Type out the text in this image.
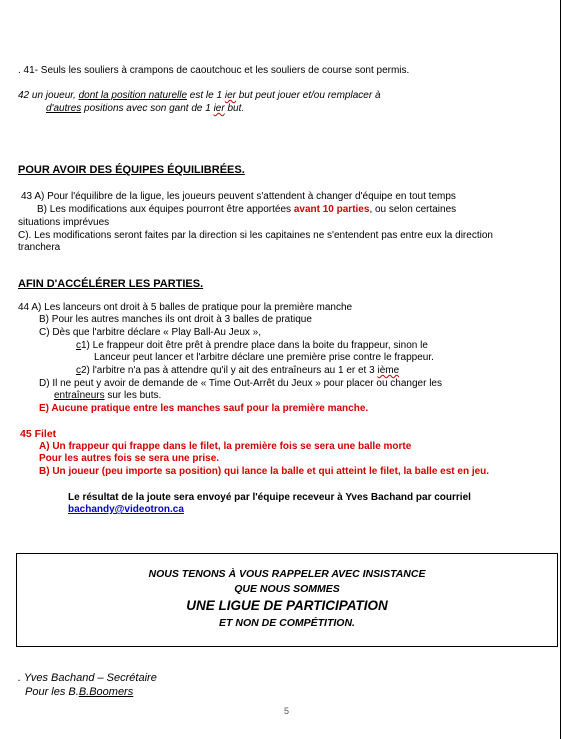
. 41- Seuls les souliers à crampons de caoutchouc et les souliers de course sont permis.
42 un joueur, dont la position naturelle est le 1 ier but peut jouer et/ou remplacer à
d'autres positions avec son gant de 1 ier but.
POUR AVOIR DES ÉQUIPES ÉQUILIBRÉES.
43 A) Pour l'équilibre de la ligue, les joueurs peuvent s'attendent à changer d'équipe en tout temps
B) Les modifications aux équipes pourront être apportées avant 10 parties, ou selon certaines
situations imprévues
C). Les modifications seront faites par la direction si les capitaines ne s'entendent pas entre eux la direction
tranchera
AFIN D'ACCÉLÉRER LES PARTIES.
44 A) Les lanceurs ont droit à 5 balles de pratique pour la première manche
B) Pour les autres manches ils ont droit à 3 balles de pratique
C) Dès que l'arbitre déclare « Play Ball-Au Jeux »,
c1) Le frappeur doit être prêt à prendre place dans la boite du frappeur, sinon le
Lanceur peut lancer et l'arbitre déclare une première prise contre le frappeur.
c2) l'arbitre n'a pas à attendre qu'il y ait des entraîneurs au 1 er et 3 ième
D) Il ne peut y avoir de demande de « Time Out-Arrêt du Jeux » pour placer ou changer les
entraîneurs sur les buts.
E) Aucune pratique entre les manches sauf pour la première manche.
45 Filet
A) Un frappeur qui frappe dans le filet, la première fois se sera une balle morte
Pour les autres fois se sera une prise.
B) Un joueur (peu importe sa position) qui lance la balle et qui atteint le filet, la balle est en jeu.
Le résultat de la joute sera envoyé par l'équipe receveur à Yves Bachand par courriel
bachandy@videotron.ca
NOUS TENONS À VOUS RAPPELER AVEC INSISTANCE
QUE NOUS SOMMES
UNE LIGUE DE PARTICIPATION
ET NON DE COMPÉTITION.
. Yves Bachand – Secrétaire
Pour les B.B.Boomers
5
